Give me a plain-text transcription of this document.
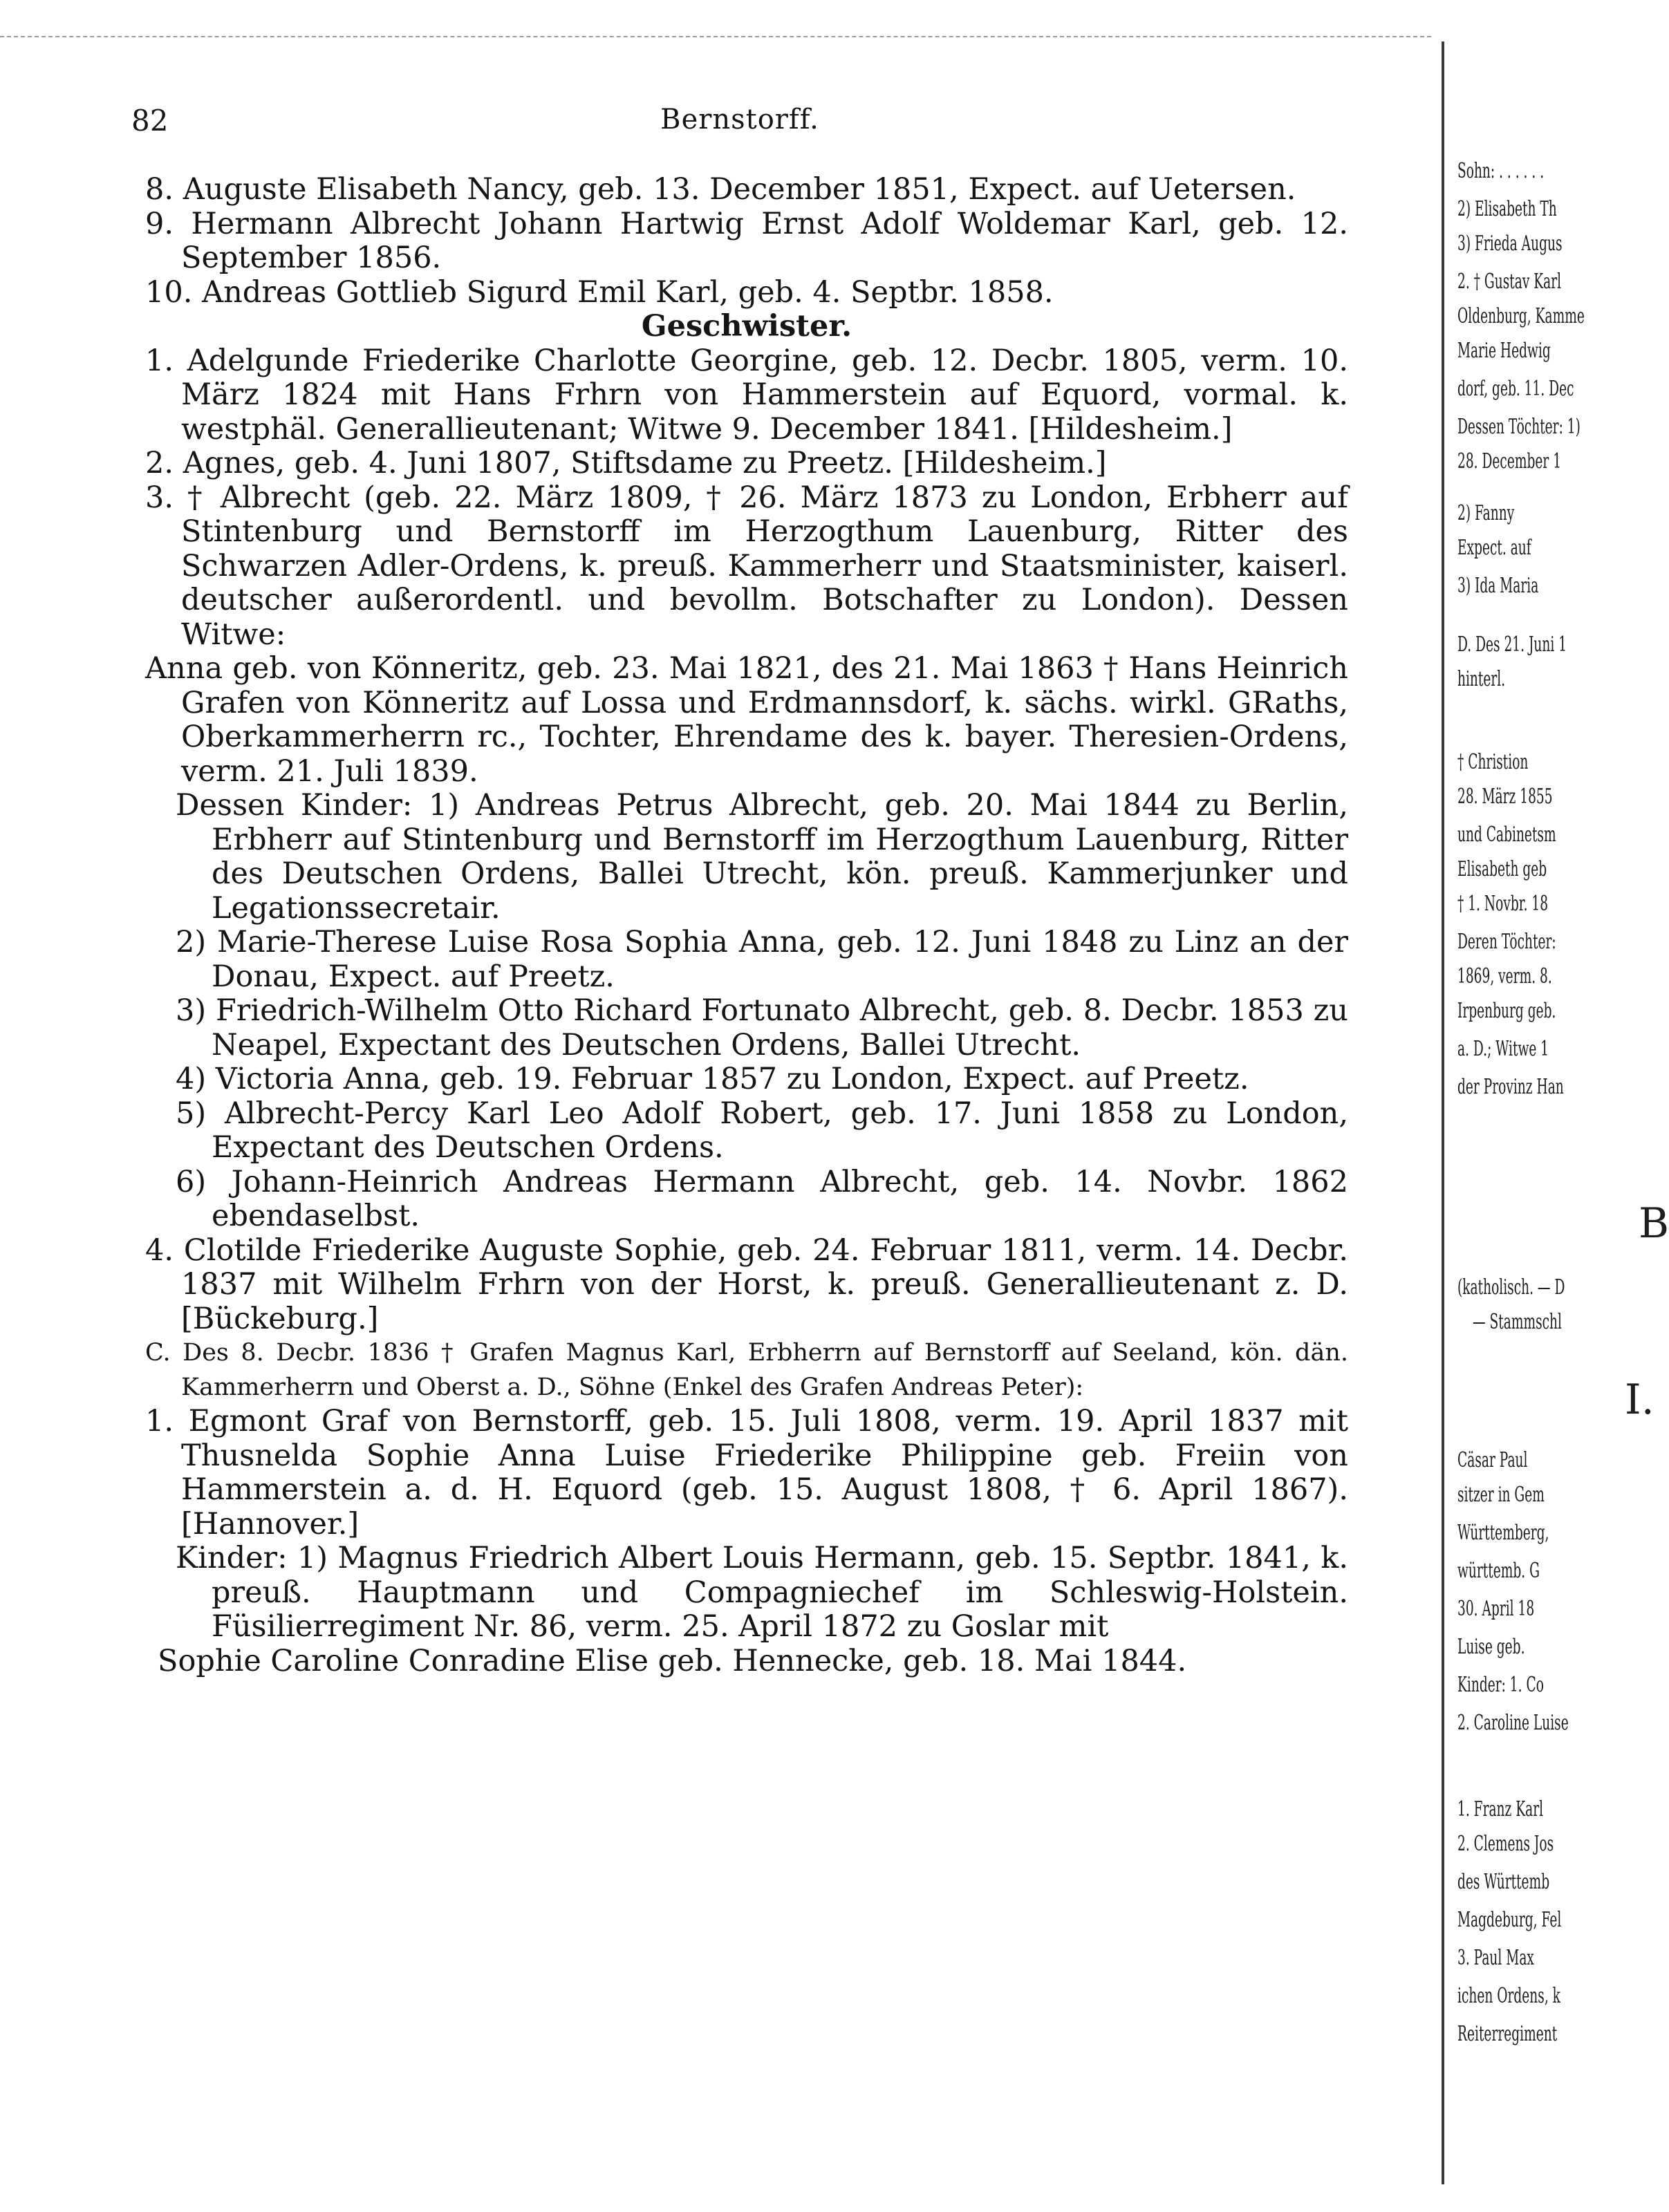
82	Bernstorff.

8. Auguste Elisabeth Nancy, geb. 13. December 1851, Expect. auf Uetersen.

9. Hermann Albrecht Johann Hartwig Ernst Adolf Woldemar Karl, geb. 12. September 1856.

10. Andreas Gottlieb Sigurd Emil Karl, geb. 4. Septbr. 1858.

Geschwister.

1. Adelgunde Friederike Charlotte Georgine, geb. 12. Decbr. 1805, verm. 10. März 1824 mit Hans Frhrn von Hammerstein auf Equord, vormal. k. westphäl. Generallieutenant; Witwe 9. December 1841. [Hildesheim.]

2. Agnes, geb. 4. Juni 1807, Stiftsdame zu Preetz. [Hildesheim.]

3. † Albrecht (geb. 22. März 1809, † 26. März 1873 zu London, Erbherr auf Stintenburg und Bernstorff im Herzogthum Lauenburg, Ritter des Schwarzen Adler-Ordens, k. preuß. Kammerherr und Staatsminister, kaiserl. deutscher außerordentl. und bevollm. Botschafter zu London). Dessen Witwe:

Anna geb. von Könneritz, geb. 23. Mai 1821, des 21. Mai 1863 † Hans Heinrich Grafen von Könneritz auf Lossa und Erdmannsdorf, k. sächs. wirkl. GRaths, Oberkammerherrn rc., Tochter, Ehrendame des k. bayer. Theresien-Ordens, verm. 21. Juli 1839.

Dessen Kinder: 1) Andreas Petrus Albrecht, geb. 20. Mai 1844 zu Berlin, Erbherr auf Stintenburg und Bernstorff im Herzogthum Lauenburg, Ritter des Deutschen Ordens, Ballei Utrecht, kön. preuß. Kammerjunker und Legationssecretair.

2) Marie-Therese Luise Rosa Sophia Anna, geb. 12. Juni 1848 zu Linz an der Donau, Expect. auf Preetz.

3) Friedrich-Wilhelm Otto Richard Fortunato Albrecht, geb. 8. Decbr. 1853 zu Neapel, Expectant des Deutschen Ordens, Ballei Utrecht.

4) Victoria Anna, geb. 19. Februar 1857 zu London, Expect. auf Preetz.

5) Albrecht-Percy Karl Leo Adolf Robert, geb. 17. Juni 1858 zu London, Expectant des Deutschen Ordens.

6) Johann-Heinrich Andreas Hermann Albrecht, geb. 14. Novbr. 1862 ebendaselbst.

4. Clotilde Friederike Auguste Sophie, geb. 24. Februar 1811, verm. 14. Decbr. 1837 mit Wilhelm Frhrn von der Horst, k. preuß. Generallieutenant z. D. [Bückeburg.]

C. Des 8. Decbr. 1836 † Grafen Magnus Karl, Erbherrn auf Bernstorff auf Seeland, kön. dän. Kammerherrn und Oberst a. D., Söhne (Enkel des Grafen Andreas Peter):

1. Egmont Graf von Bernstorff, geb. 15. Juli 1808, verm. 19. April 1837 mit Thusnelda Sophie Anna Luise Friederike Philippine geb. Freiin von Hammerstein a. d. H. Equord (geb. 15. August 1808, † 6. April 1867). [Hannover.]

Kinder: 1) Magnus Friedrich Albert Louis Hermann, geb. 15. Septbr. 1841, k. preuß. Hauptmann und Compagniechef im Schleswig-Holstein. Füsilierregiment Nr. 86, verm. 25. April 1872 zu Goslar mit

Sophie Caroline Conradine Elise geb. Hennecke, geb. 18. Mai 1844.

Sohn: . . . . . .
2) Elisabeth Th
3) Frieda Augus
2. † Gustav Karl
Oldenburg, Kamme
Marie Hedwig
dorf, geb. 11. Dec
Dessen Töchter: 1)
28. December 1
2) Fanny
Expect. auf
3) Ida Maria
D. Des 21. Juni 1
hinterl.
† Christion
28. März 1855
und Cabinetsm
Elisabeth geb
† 1. Novbr. 18
Deren Töchter:
1869, verm. 8.
Irpenburg geb.
a. D.; Witwe 1
der Provinz Han
B
(katholisch. — D
— Stammschl
I.
Cäsar Paul
sitzer in Gem
Württemberg,
württemb. G
30. April 18
Luise geb.
Kinder: 1. Co
2. Caroline Luise
1. Franz Karl
2. Clemens Jos
des Württemb
Magdeburg, Fel
3. Paul Max
ichen Ordens, k
Reiterregiment
